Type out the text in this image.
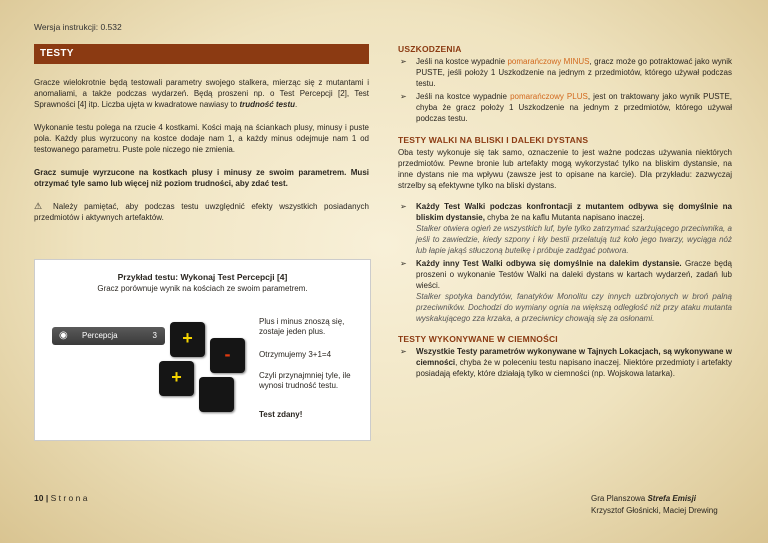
Wersja instrukcji: 0.532
TESTY

Gracze wielokrotnie będą testowali parametry swojego stalkera, mierząc się z mutantami i anomaliami, a także podczas wydarzeń. Będą proszeni np. o Test Percepcji [2], Test Sprawności [4] itp. Liczba ujęta w kwadratowe nawiasy to trudność testu.

Wykonanie testu polega na rzucie 4 kostkami. Kości mają na ściankach plusy, minusy i puste pola. Każdy plus wyrzucony na kostce dodaje nam 1, a każdy minus odejmuje nam 1 od testowanego parametru. Puste pole niczego nie zmienia.

Gracz sumuje wyrzucone na kostkach plusy i minusy ze swoim parametrem. Musi otrzymać tyle samo lub więcej niż poziom trudności, aby zdać test.

⚠ Należy pamiętać, aby podczas testu uwzględnić efekty wszystkich posiadanych przedmiotów i aktywnych artefaktów.

Przykład testu: Wykonaj Test Percepcji [4]
Gracz porównuje wynik na kościach ze swoim parametrem.
◉ Percepcja	3	+
-
+
Plus i minus znoszą się, zostaje jeden plus.
Otrzymujemy 3+1=4
Czyli przynajmniej tyle, ile wynosi trudność testu.
Test zdany!
USZKODZENIA
➢ Jeśli na kostce wypadnie pomarańczowy MINUS, gracz może go potraktować jako wynik PUSTE, jeśli położy 1 Uszkodzenie na jednym z przedmiotów, którego używał podczas testu.
➢ Jeśli na kostce wypadnie pomarańczowy PLUS, jest on traktowany jako wynik PUSTE, chyba że gracz położy 1 Uszkodzenie na jednym z przedmiotów, którego używał podczas testu.
TESTY WALKI NA BLISKI I DALEKI DYSTANS

Oba testy wykonuje się tak samo, oznaczenie to jest ważne podczas używania niektórych przedmiotów. Pewne bronie lub artefakty mogą wykorzystać tylko na bliskim dystansie, na inne dystans nie ma wpływu (zawsze jest to opisane na karcie). Dla przykładu: zazwyczaj strzelby są efektywne tylko na bliski dystans.

➢ Każdy Test Walki podczas konfrontacji z mutantem odbywa się domyślnie na bliskim dystansie, chyba że na kaflu Mutanta napisano inaczej.
Stalker otwiera ogień ze wszystkich luf, byle tylko zatrzymać szarżującego przeciwnika, a jeśli to zawiedzie, kiedy szpony i kły bestii przelatują tuż koło jego twarzy, wyciąga nóż lub łapie jakąś stłuczoną butelkę i próbuje zadźgać potwora.
➢ Każdy inny Test Walki odbywa się domyślnie na dalekim dystansie. Gracze będą proszeni o wykonanie Testów Walki na daleki dystans w kartach wydarzeń, zadań lub wieści.
Stalker spotyka bandytów, fanatyków Monolitu czy innych uzbrojonych w broń palną przeciwników. Dochodzi do wymiany ognia na większą odległość niż przy ataku mutanta wyskakującego zza krzaka, a przeciwnicy chowają się za osłonami.
TESTY WYKONYWANE W CIEMNOŚCI
➢ Wszystkie Testy parametrów wykonywane w Tajnych Lokacjach, są wykonywane w ciemności, chyba że w poleceniu testu napisano inaczej. Niektóre przedmioty i artefakty posiadają efekty, które działają tylko w ciemności (np. Wojskowa latarka).
10 | S t r o n a	Gra Planszowa Strefa Emisji
Krzysztof Głośnicki, Maciej Drewing
